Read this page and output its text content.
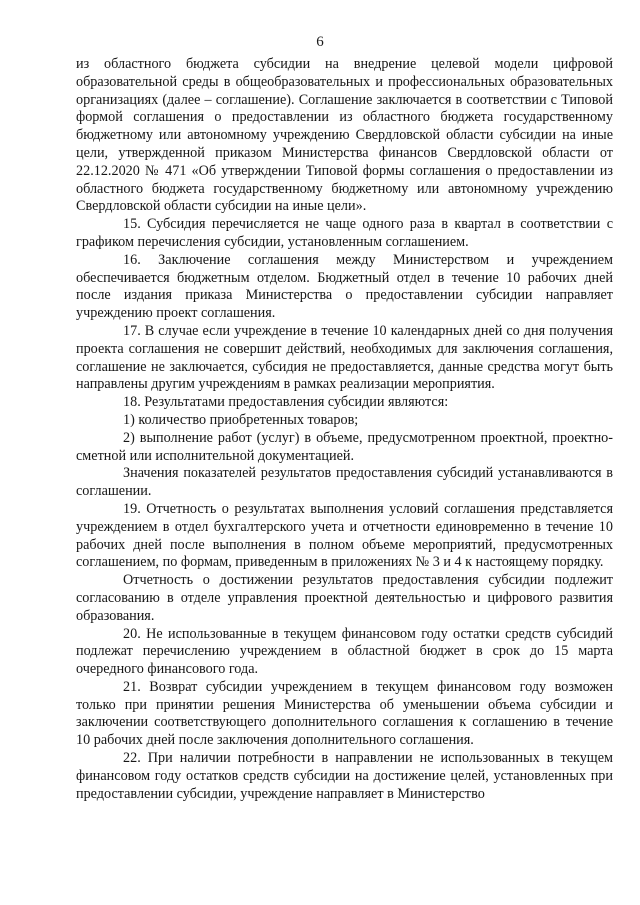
6

из областного бюджета субсидии на внедрение целевой модели цифровой образовательной среды в общеобразовательных и профессиональных образовательных организациях (далее – соглашение). Соглашение заключается в соответствии с Типовой формой соглашения о предоставлении из областного бюджета государственному бюджетному или автономному учреждению Свердловской области субсидии на иные цели, утвержденной приказом Министерства финансов Свердловской области от 22.12.2020 № 471 «Об утверждении Типовой формы соглашения о предоставлении из областного бюджета государственному бюджетному или автономному учреждению Свердловской области субсидии на иные цели».

15. Субсидия перечисляется не чаще одного раза в квартал в соответствии с графиком перечисления субсидии, установленным соглашением.

16. Заключение соглашения между Министерством и учреждением обеспечивается бюджетным отделом. Бюджетный отдел в течение 10 рабочих дней после издания приказа Министерства о предоставлении субсидии направляет учреждению проект соглашения.

17. В случае если учреждение в течение 10 календарных дней со дня получения проекта соглашения не совершит действий, необходимых для заключения соглашения, соглашение не заключается, субсидия не предоставляется, данные средства могут быть направлены другим учреждениям в рамках реализации мероприятия.

18. Результатами предоставления субсидии являются:

1) количество приобретенных товаров;

2) выполнение работ (услуг) в объеме, предусмотренном проектной, проектно-сметной или исполнительной документацией.

Значения показателей результатов предоставления субсидий устанавливаются в соглашении.

19. Отчетность о результатах выполнения условий соглашения представляется учреждением в отдел бухгалтерского учета и отчетности единовременно в течение 10 рабочих дней после выполнения в полном объеме мероприятий, предусмотренных соглашением, по формам, приведенным в приложениях № 3 и 4 к настоящему порядку.

Отчетность о достижении результатов предоставления субсидии подлежит согласованию в отделе управления проектной деятельностью и цифрового развития образования.

20. Не использованные в текущем финансовом году остатки средств субсидий подлежат перечислению учреждением в областной бюджет в срок до 15 марта очередного финансового года.

21. Возврат субсидии учреждением в текущем финансовом году возможен только при принятии решения Министерства об уменьшении объема субсидии и заключении соответствующего дополнительного соглашения к соглашению в течение 10 рабочих дней после заключения дополнительного соглашения.

22. При наличии потребности в направлении не использованных в текущем финансовом году остатков средств субсидии на достижение целей, установленных при предоставлении субсидии, учреждение направляет в Министерство
